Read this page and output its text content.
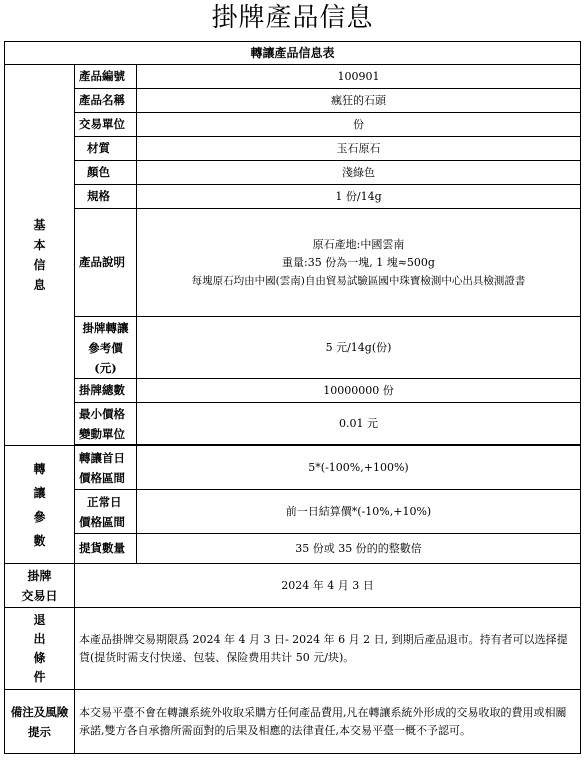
掛牌產品信息
轉讓產品信息表		

基
本
信
息	產品編號	100901
	產品名稱	瘋狂的石頭
	交易單位	份
	材質	玉石原石
	顏色	淺綠色
	規格	1 份/14g
	產品說明	原石產地:中國雲南
重量:35 份為一塊, 1 塊≈500g
每塊原石均由中國(雲南)自由貿易試驗區國中珠寶檢測中心出具檢測證書

	掛牌轉讓
參考價
(元)	5 元/14g(份)
	掛牌總數	10000000 份

	最小價格
變動單位	0.01 元

轉
讓
參
數	轉讓首日
價格區間	5*(-100%,+100%)

	正常日
價格區間	前一日結算價*(-10%,+10%)
	提貨數量	35 份或 35 份的的整數倍

掛牌
交易日	2024 年 4 月 3 日	

退
出
條
件	本產品掛牌交易期限爲 2024 年 4 月 3 日- 2024 年 6 月 2 日, 到期后產品退市。持有者可以选择提貨(提货时需支付快递、包装、保险费用共计 50 元/块)。	

備注及風險
提示	本交易平臺不會在轉讓系統外收取采購方任何產品費用,凡在轉讓系統外形成的交易收取的費用或相關承諾,雙方各自承擔所需面對的后果及相應的法律責任,本交易平臺一概不予認可。	
